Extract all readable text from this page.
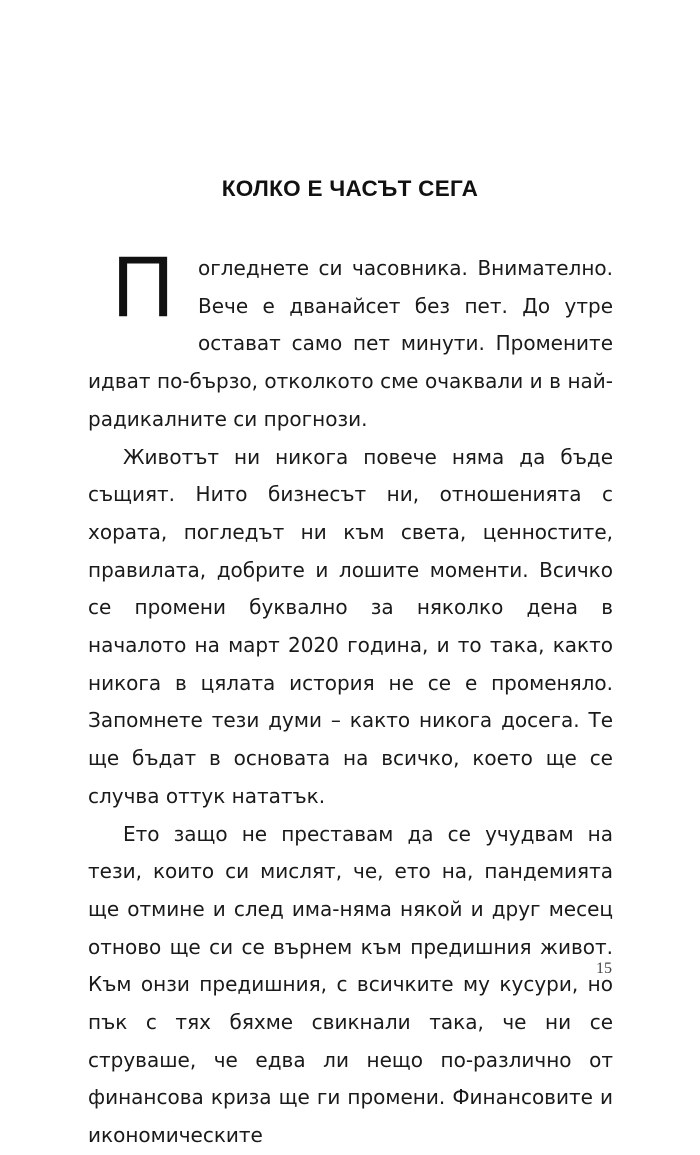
КОЛКО Е ЧАСЪТ СЕГА

П	огледнете си часовника. Внимателно. Вече е дванайсет без пет. До утре остават само пет минути. Промените идват по-бързо, отколкото сме очаквали и в най-радикалните си прогнози.

Животът ни никога повече няма да бъде същият. Нито бизнесът ни, отношенията с хората, погледът ни към света, ценностите, правилата, добрите и лошите моменти. Всичко се промени буквално за няколко дена в началото на март 2020 година, и то така, както никога в цялата история не се е променяло. Запомнете тези думи – както никога досега. Те ще бъдат в основата на всичко, което ще се случва оттук нататък.

Ето защо не преставам да се учудвам на тези, които си мислят, че, ето на, пандемията ще отмине и след има-няма някой и друг месец отново ще си се върнем към предишния живот. Към онзи предишния, с всичките му кусури, но пък с тях бяхме свикнали така, че ни се струваше, че едва ли нещо по-различно от финансова криза ще ги промени. Финансовите и икономическите

15
